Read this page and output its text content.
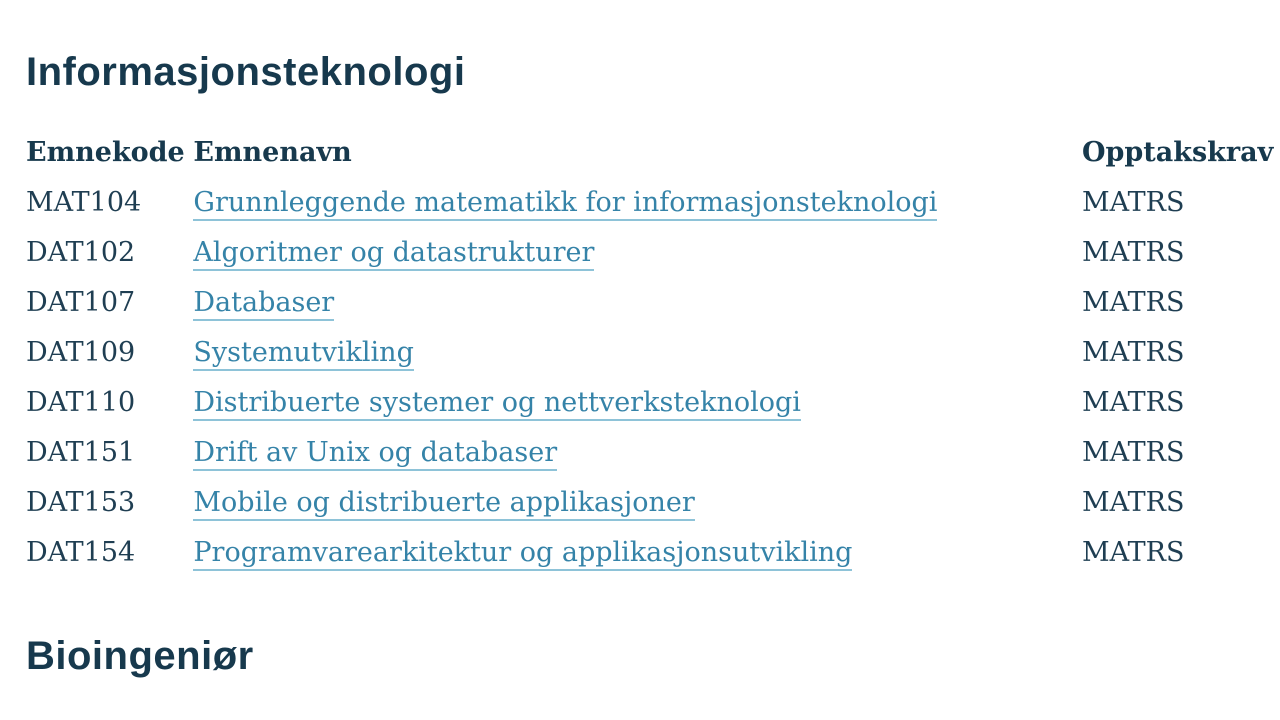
Informasjonsteknologi
Emnekode	Emnenavn	Opptakskrav
MAT104	Grunnleggende matematikk for informasjonsteknologi	MATRS
DAT102	Algoritmer og datastrukturer	MATRS
DAT107	Databaser	MATRS
DAT109	Systemutvikling	MATRS
DAT110	Distribuerte systemer og nettverksteknologi	MATRS
DAT151	Drift av Unix og databaser	MATRS
DAT153	Mobile og distribuerte applikasjoner	MATRS
DAT154	Programvarearkitektur og applikasjonsutvikling	MATRS
Bioingeniør
